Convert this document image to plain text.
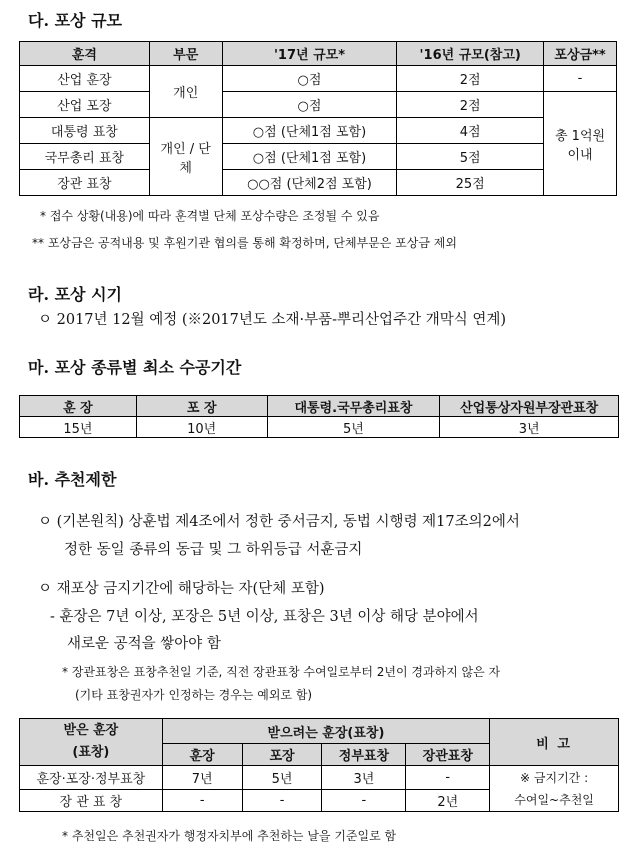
다. 포상 규모
훈격	부문	'17년 규모*	'16년 규모(참고)	포상금**
산업 훈장	개인	○점	2점	-
산업 포장		○점	2점	총 1억원 이내
대통령 표창	개인 / 단체	○점 (단체1점 포함)	4점	
국무총리 표창		○점 (단체1점 포함)	5점	
장관 표창		○○점 (단체2점 포함)	25점	
* 접수 상황(내용)에 따라 훈격별 단체 포상수량은 조정될 수 있음
** 포상금은 공적내용 및 후원기관 협의를 통해 확정하며, 단체부문은 포상금 제외
라. 포상 시기
ㅇ 2017년 12월 예정 (※2017년도 소재·부품-뿌리산업주간 개막식 연계)
마. 포상 종류별 최소 수공기간
훈 장	포 장	대통령.국무총리표창	산업통상자원부장관표창
15년	10년	5년	3년
바. 추천제한
ㅇ (기본원칙) 상훈법 제4조에서 정한 중서금지, 동법 시행령 제17조의2에서
정한 동일 종류의 동급 및 그 하위등급 서훈금지
ㅇ 재포상 금지기간에 해당하는 자(단체 포함)
- 훈장은 7년 이상, 포장은 5년 이상, 표창은 3년 이상 해당 분야에서
새로운 공적을 쌓아야 함
* 장관표창은 표창추천일 기준, 직전 장관표창 수여일로부터 2년이 경과하지 않은 자
(기타 표창권자가 인정하는 경우는 예외로 함)
받은 훈장
(표창)	받으려는 훈장(표창)				비 고
	훈장	포장	정부표창	장관표창	
훈장·포장·정부표창	7년	5년	3년	-	※ 금지기간 :
수여일~추천일

장 관 표 창	-	-	-	2년	
* 추천일은 추천권자가 행정자치부에 추천하는 날을 기준일로 함
